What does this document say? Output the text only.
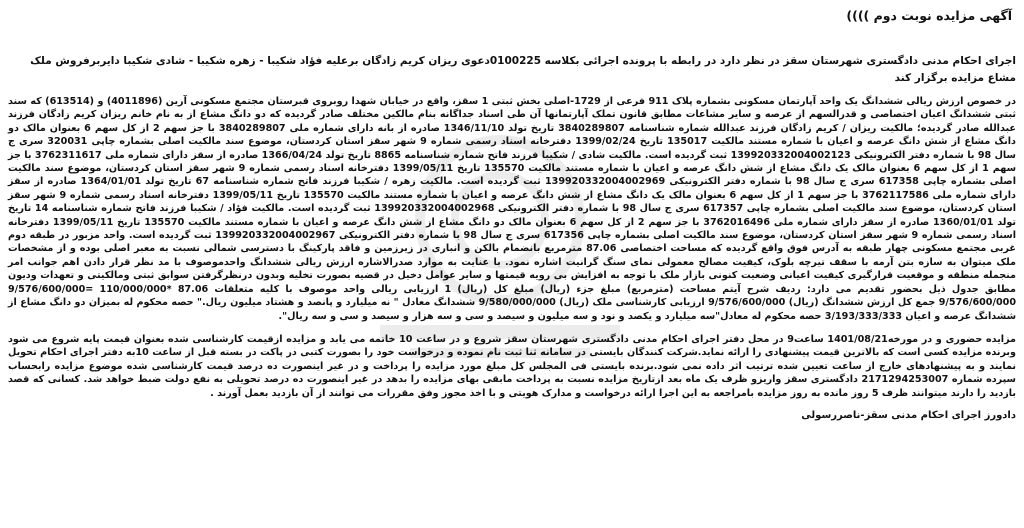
آگهی مزایده نوبت دوم ))))
اجرای احکام مدنی دادگستری شهرستان سقز در نظر دارد در رابطه با پرونده اجرائی بکلاسه 0100225دعوی ریزان کریم زادگان برعلیه فؤاد شکیبا - زهره شکیبا - شادی شکیبا دایربرفروش ملک مشاع مزایده برگزار کند
در خصوص ارزش ریالی ششدانگ یک واحد آپارتمان مسکونی بشماره پلاک 911 فرعی از 1729-اصلی بخش ثبتی 1 سقز، واقع در خیابان شهدا روبروی قبرستان مجتمع مسکونی آرین (4011896) و (613514) که سند ثبتی ششدانگ اعیان اختصاصی و قدرالسهم از عرصه و سایر مشاعات مطابق قانون تملک آپارتمانها آن طی اسناد جداگانه بنام مالکین مختلف صادر گردیده که دو دانگ مشاع از به نام خانم ریزان کریم زادگان فرزند عبدالله صادر گردیده؛ مالکیت ریزان / کریم زادگان فرزند عبدالله شماره شناسنامه 3840289807 تاریخ تولد 1346/11/10 صادره از بانه دارای شماره ملی 3840289807 با جز سهم 2 از کل سهم 6 بعنوان مالک دو دانگ مشاع از شش دانگ عرصه و اعیان با شماره مستند مالکیت 135017 تاریخ 1399/02/24 دفترخانه اسناد رسمی شماره 9 شهر سقز استان کردستان، موضوع سند مالکیت اصلی بشماره چاپی 320031 سری ج سال 98 با شماره دفتر الکترونیکی 139920332004002123 ثبت گردیده است. مالکیت شادی / شکیبا فرزند فاتح شماره شناسنامه 8865 تاریخ تولد 1366/04/24 صادره از سقز دارای شماره ملی 3762311617 با جز سهم 1 از کل سهم 6 بعنوان مالک یک دانگ مشاع از شش دانگ عرصه و اعیان با شماره مستند مالکیت 135570 تاریخ 1399/05/11 دفترخانه اسناد رسمی شماره 9 شهر سقز استان کردستان، موضوع سند مالکیت اصلی بشماره چاپی 617358 سری ج سال 98 با شماره دفتر الکترونیکی 139920332004002969 ثبت گردیده است. مالکیت زهره / شکیبا فرزند فاتح شماره شناسنامه 67 تاریخ تولد 1364/01/01 صادره از سقز دارای شماره ملی 3762117586 با جز سهم 1 از کل سهم 6 بعنوان مالک یک دانگ مشاع از شش دانگ عرصه و اعیان با شماره مستند مالکیت 135570 تاریخ 1399/05/11 دفترخانه اسناد رسمی شماره 9 شهر سقز استان کردستان، موضوع سند مالکیت اصلی بشماره چاپی 617357 سری ج سال 98 با شماره دفتر الکترونیکی 139920332004002968 ثبت گردیده است. مالکیت فؤاد / شکیبا فرزند فاتح شماره شناسنامه 14 تاریخ تولد 1360/01/01 صادره از سقز دارای شماره ملی 3762016496 با جز سهم 2 از کل سهم 6 بعنوان مالک دو دانگ مشاع از شش دانگ عرصه و اعیان با شماره مستند مالکیت 135570 تاریخ 1399/05/11 دفترخانه اسناد رسمی شماره 9 شهر سقز استان کردستان، موضوع سند مالکیت اصلی بشماره چاپی 617356 سری ج سال 98 با شماره دفتر الکترونیکی 139920332004002967 ثبت گردیده است. واحد مزبور در طبقه دوم غربی مجتمع مسکونی چهار طبقه به آدرس فوق واقع گردیده که مساحت اختصاصی 87.06 مترمربع بانضمام بالکن و انباری در زیرزمین و فاقد پارکینگ با دسترسی شمالی نسبت به معبر اصلی بوده و از مشخصات ملک میتوان به سازه بتن آرمه با سقف تیرچه بلوک، کیفیت مصالح معمولی نمای سنگ گرانیت اشاره نمود. با عنایت به موارد صدرالاشاره ارزش ریالی ششدانگ واحدموصوف با مد نظر قرار دادن اهم جوانب امر منجمله منطقه و موقعیت قرارگیری کیفیت اعیانی وضعیت کنونی بازار ملک با توجه به افزایش بی رویه قیمتها و سایر عوامل دخیل در قضیه بصورت تخلیه وبدون درنظرگرفتن سوابق ثبتی ومالکیتی و تعهدات ودیون مطابق جدول ذیل بحضور تقدیم می دارد: ردیف شرح آیتم مساحت (مترمربع) مبلغ جزء (ریال) مبلغ کل (ریال) 1 ارزیابی ریالی واحد موصوف با کلیه متعلقات 87.06 *110/000/000 =9/576/600/000 9/576/600/000 جمع کل ارزش ششدانگ (ریال) 9/576/600/000 ارزیابی کارشناسی ملک (ریال) 9/580/000/000 ششدانگ معادل " نه میلیارد و پانصد و هشتاد میلیون ریال." حصه محکوم له بمیزان دو دانگ مشاع از ششدانگ عرصه و اعیان 3/193/333/333 حصه محکوم له معادل"سه میلیارد و یکصد و نود و سه میلیون و سیصد و سی و سه هزار و سیصد و سی و سه ریال".
مزایده حضوری و در مورخه1401/08/21 ساعت9 در محل دفتر اجرای احکام مدنی دادگستری شهرستان سقز شروع و در ساعت 10 خاتمه می یابد و مزایده ازقیمت کارشناسی شده بعنوان قیمت پایه شروع می شود وبرنده مزایده کسی است که بالاترین قیمت پیشنهادی را ارائه نماید.شرکت کنندگان بایستی در سامانه ثنا ثبت نام نموده و درخواست خود را بصورت کتبی در پاکت در بسته قبل از ساعت 10به دفتر اجرای احکام تحویل نمایند و به پیشنهادهای خارج از ساعت تعیین شده ترتیب اثر داده نمی شود.برنده بایستی فی المجلس کل مبلغ مورد مزایده را پرداخت و در غیر اینصورت ده درصد قیمت کارشناسی شده موضوع مزایده رابحساب سپرده شماره 2171294253007 دادگستری سقز واریزو ظرف یک ماه بعد ازتاریخ مزایده نسبت به پرداخت مابقی بهای مزایده را بدهد در غیر اینصورت ده درصد تحویلی به نفع دولت ضبط خواهد شد. کسانی که قصد بازدید را دارند میتوانند ظرف 5 روز مانده به روز مزایده بامراجعه به این اجرا ارائه درخواست و مدارک هویتی و با اخذ مجوز وفق مقررات می توانند از آن بازدید بعمل آورند .
دادورز اجرای احکام مدنی سقز-ناصررسولی
